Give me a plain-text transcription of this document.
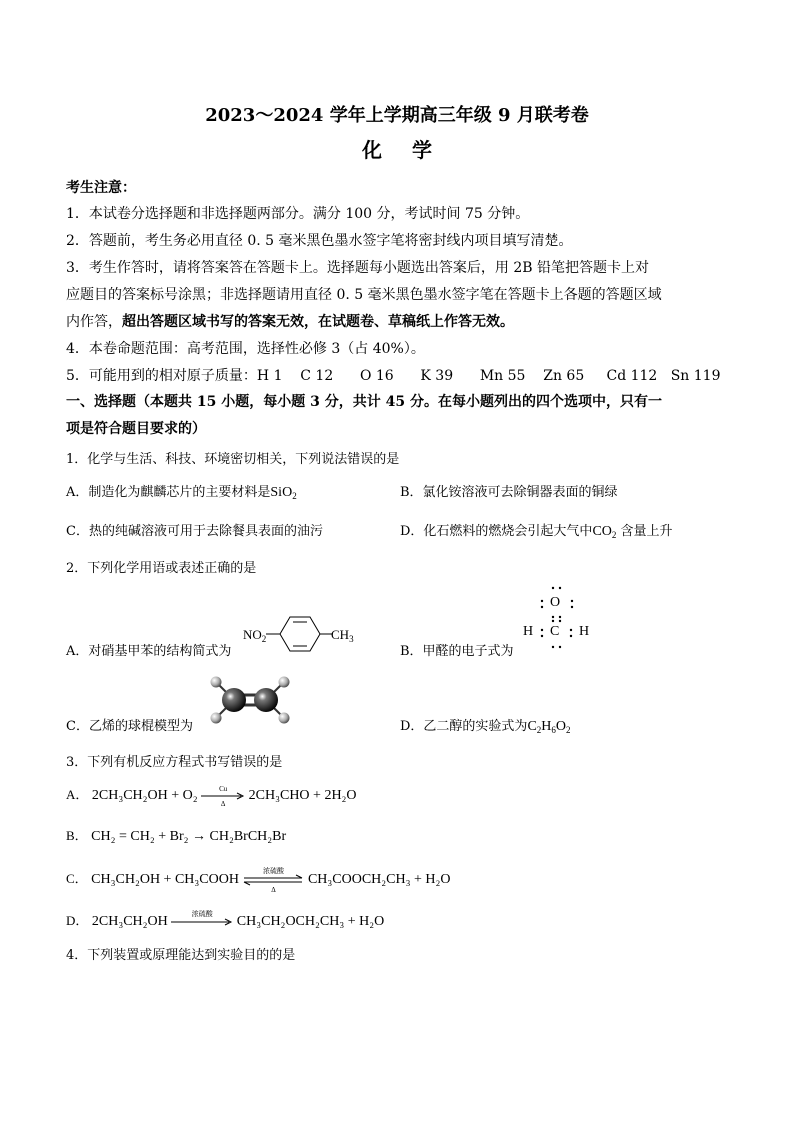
2023～2024 学年上学期高三年级 9 月联考卷
化学
考生注意：
1．本试卷分选择题和非选择题两部分。满分 100 分，考试时间 75 分钟。
2．答题前，考生务必用直径 0. 5 毫米黑色墨水签字笔将密封线内项目填写清楚。
3．考生作答时，请将答案答在答题卡上。选择题每小题选出答案后，用 2B 铅笔把答题卡上对
应题目的答案标号涂黑；非选择题请用直径 0. 5 毫米黑色墨水签字笔在答题卡上各题的答题区域
内作答，超出答题区域书写的答案无效，在试题卷、草稿纸上作答无效。
4．本卷命题范围：高考范围，选择性必修 3（占 40%）。
5．可能用到的相对原子质量：H 1    C 12      O 16      K 39      Mn 55    Zn 65     Cd 112   Sn 119
一、选择题（本题共 15 小题，每小题 3 分，共计 45 分。在每小题列出的四个选项中，只有一
项是符合题目要求的）
1．化学与生活、科技、环境密切相关，下列说法错误的是
A．制造化为麒麟芯片的主要材料是SiO$_2$	B．氯化铵溶液可去除铜器表面的铜绿
C．热的纯碱溶液可用于去除餐具表面的油污	D．化石燃料的燃烧会引起大气中$CO_2$ 含量上升
2．下列化学用语或表述正确的是
A．对硝基甲苯的结构简式为
$NO_2$	$CH_3$
B．甲醛的电子式为
O
H C H
C．乙烯的球棍模型为	D．乙二醇的实验式为$C_2H_6O_2$
3．下列有机反应方程式书写错误的是
A． 2CH₃CH₂OH + O₂	Cu
Δ
2CH₃CHO + 2H₂O
B． CH₂ = CH₂ + Br₂ → CH₂BrCH₂Br
C． CH₃CH₂OH + CH₃COOH
浓硫酸
Δ
CH₃COOCH₂CH₃ + H₂O
D． 2CH₃CH₂OH
浓硫酸
CH₃CH₂OCH₂CH₃ + H₂O
4．下列装置或原理能达到实验目的的是
